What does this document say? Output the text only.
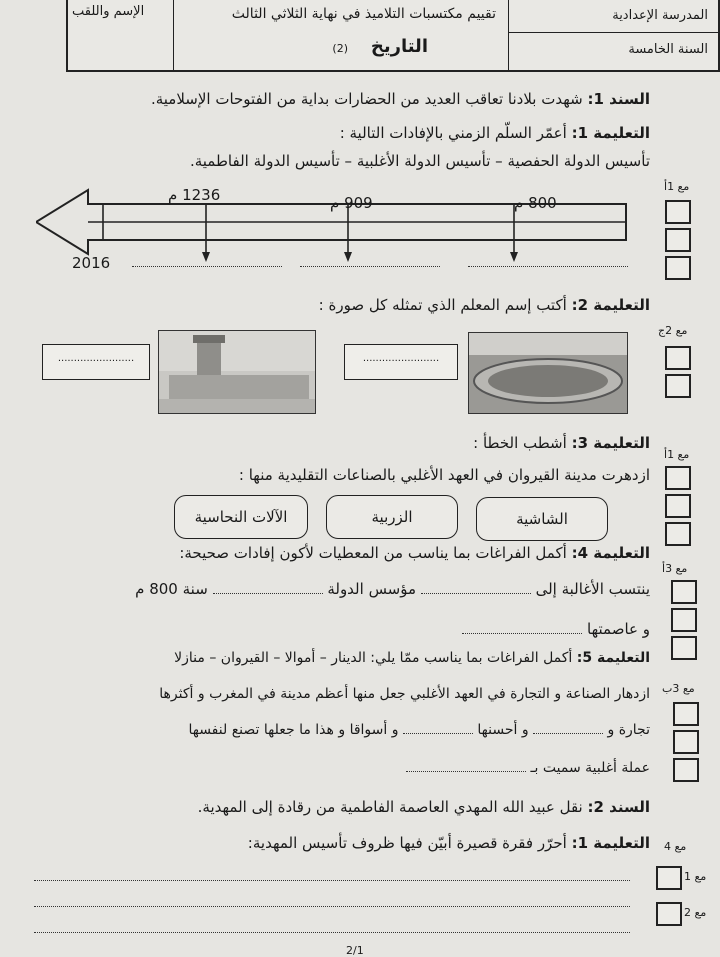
المدرسة الإعدادية
السنة الخامسة
تقييم مكتسبات التلاميذ في نهاية الثلاثي الثالث
التاريخ
(2)
الإسم واللقب
السند 1: شهدت بلادنا تعاقب العديد من الحضارات بداية من الفتوحات الإسلامية.
التعليمة 1: أعمّر السلّم الزمني بالإفادات التالية :
تأسيس الدولة الحفصية – تأسيس الدولة الأغلبية – تأسيس الدولة الفاطمية.
1236 م	909 م	800 م
2016
التعليمة 2: أكتب إسم المعلم الذي تمثله كل صورة :
........................	........................
التعليمة 3: أشطب الخطأ :
ازدهرت مدينة القيروان في العهد الأغلبي بالصناعات التقليدية منها :
الشاشية
الزربية
الآلات النحاسية
التعليمة 4: أكمل الفراغات بما يناسب من المعطيات لأكون إفادات صحيحة:
ينتسب الأغالبة إلى  مؤسس الدولة  سنة 800 م
و عاصمتها
التعليمة 5: أكمل الفراغات بما يناسب ممّا يلي: الدينار – أموالا – القيروان – منازلا
ازدهار الصناعة و التجارة في العهد الأغلبي جعل منها أعظم مدينة في المغرب و أكثرها
تجارة و  و أحسنها  و أسواقا و هذا ما جعلها تصنع لنفسها
عملة أغلبية سميت بـ
السند 2: نقل عبيد الله المهدي العاصمة الفاطمية من رقادة إلى المهدية.
التعليمة 1: أحرّر فقرة قصيرة أبيّن فيها ظروف تأسيس المهدية:
2/1
مع 1أ
مع 2ج
مع 1أ
مع 3أ
مع 3ب
مع 4
مع 1
مع 2
